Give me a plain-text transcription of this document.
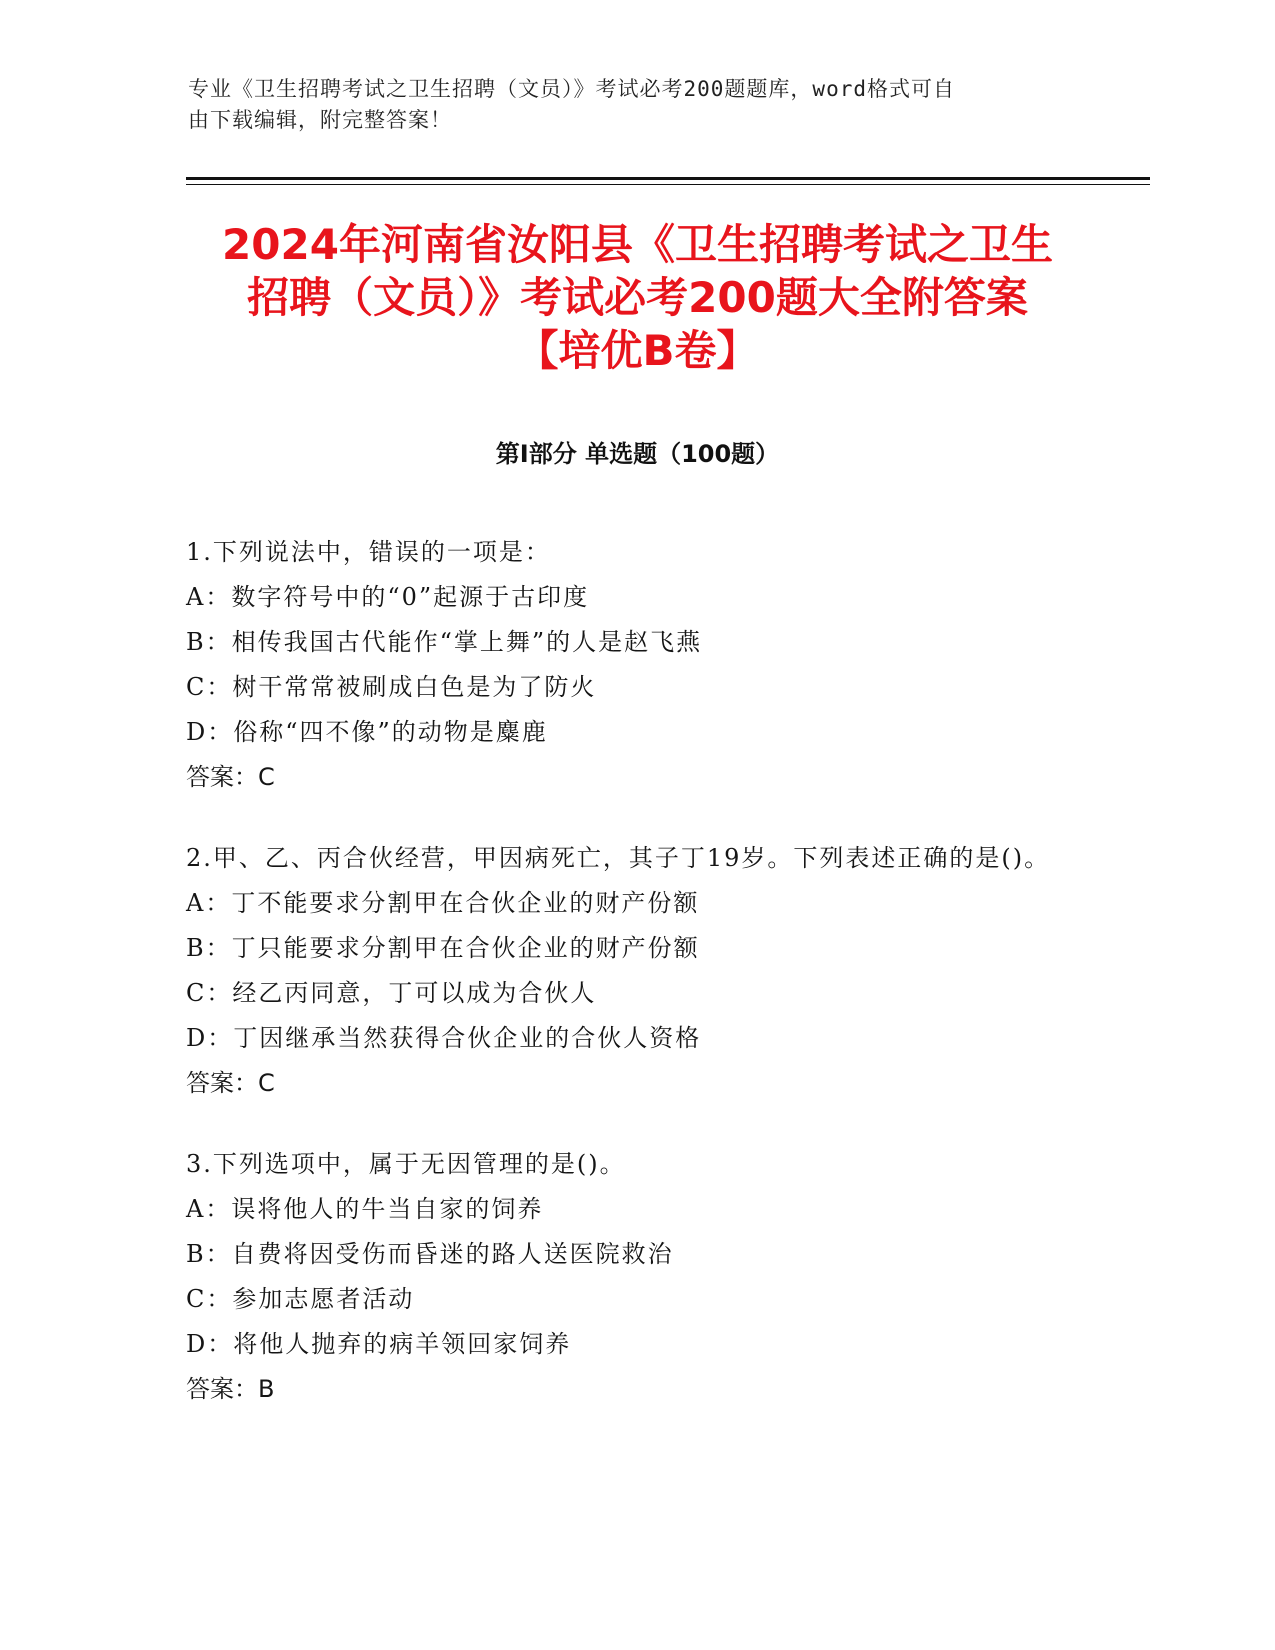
专业《卫生招聘考试之卫生招聘（文员）》考试必考200题题库，word格式可自
由下载编辑，附完整答案！
2024年河南省汝阳县《卫生招聘考试之卫生
招聘（文员）》考试必考200题大全附答案
【培优B卷】
第I部分 单选题（100题）
1.下列说法中，错误的一项是：
A：数字符号中的“0”起源于古印度
B：相传我国古代能作“掌上舞”的人是赵飞燕
C：树干常常被刷成白色是为了防火
D：俗称“四不像”的动物是麋鹿
答案：C
2.甲、乙、丙合伙经营，甲因病死亡，其子丁19岁。下列表述正确的是()。
A：丁不能要求分割甲在合伙企业的财产份额
B：丁只能要求分割甲在合伙企业的财产份额
C：经乙丙同意，丁可以成为合伙人
D：丁因继承当然获得合伙企业的合伙人资格
答案：C
3.下列选项中，属于无因管理的是()。
A：误将他人的牛当自家的饲养
B：自费将因受伤而昏迷的路人送医院救治
C：参加志愿者活动
D：将他人抛弃的病羊领回家饲养
答案：B
